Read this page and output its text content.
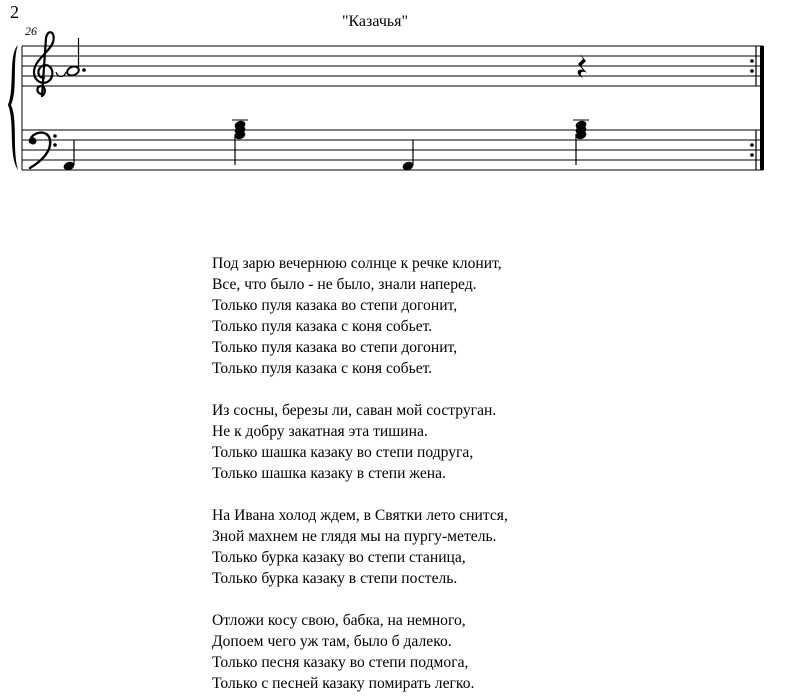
2	"Казачья"
26
Под зарю вечернюю солнце к речке клонит,
Все, что было - не было, знали наперед.
Только пуля казака во степи догонит,
Только пуля казака с коня собьет.
Только пуля казака во степи догонит,
Только пуля казака с коня собьет.
Из сосны, березы ли, саван мой соструган.
Не к добру закатная эта тишина.
Только шашка казаку во степи подруга,
Только шашка казаку в степи жена.
На Ивана холод ждем, в Святки лето снится,
Зной махнем не глядя мы на пургу-метель.
Только бурка казаку во степи станица,
Только бурка казаку в степи постель.
Отложи косу свою, бабка, на немного,
Допоем чего уж там, было б далеко.
Только песня казаку во степи подмога,
Только с песней казаку помирать легко.
